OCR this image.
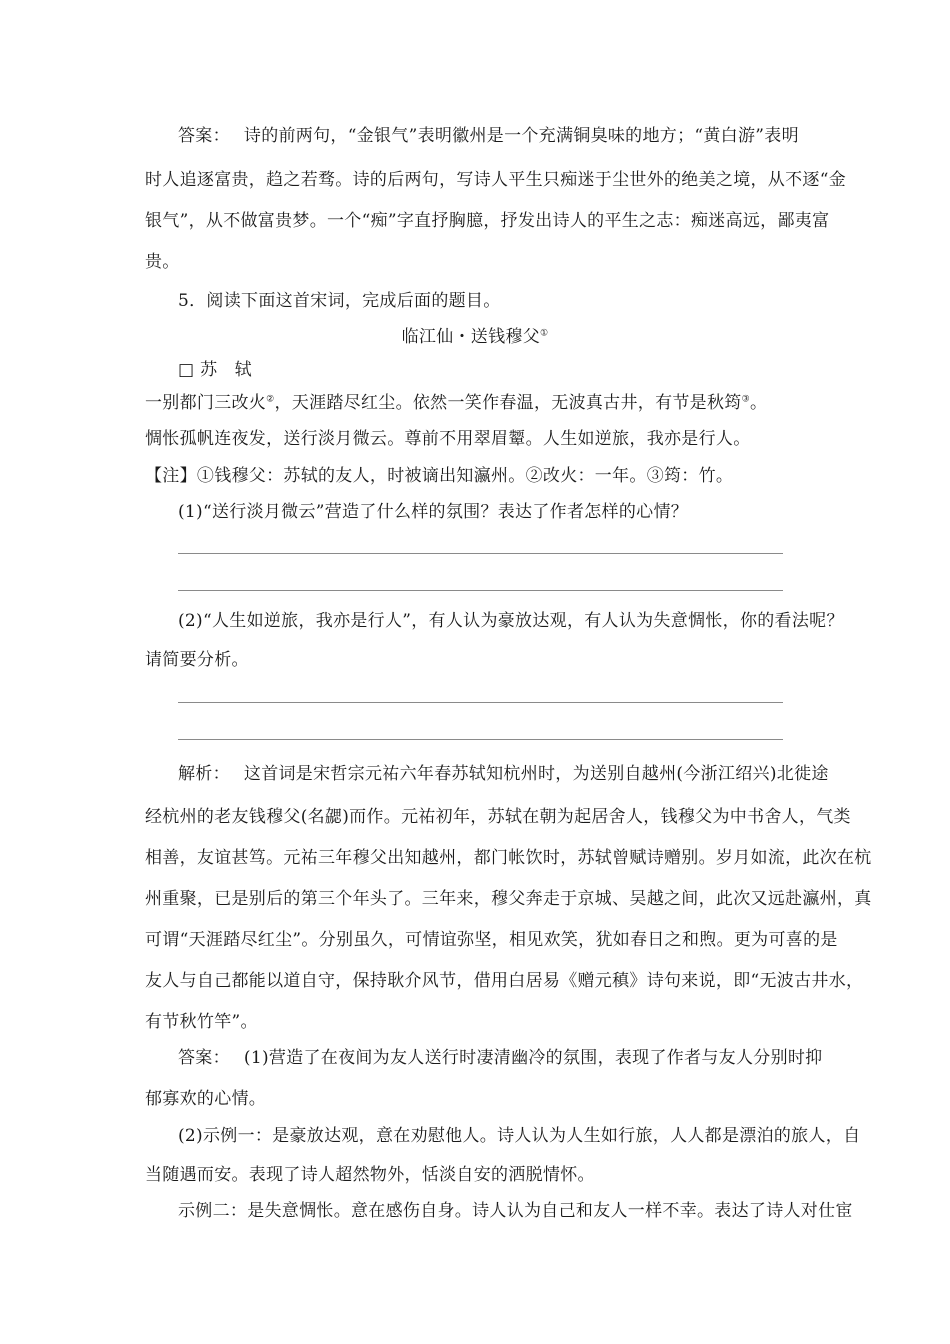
答案： 诗的前两句，“金银气”表明徽州是一个充满铜臭味的地方；“黄白游”表明
时人追逐富贵，趋之若骛。诗的后两句，写诗人平生只痴迷于尘世外的绝美之境，从不逐“金
银气”，从不做富贵梦。一个“痴”字直抒胸臆，抒发出诗人的平生之志：痴迷高远，鄙夷富
贵。
5．阅读下面这首宋词，完成后面的题目。
临江仙・送钱穆父①
□ 苏　轼
一别都门三改火②，天涯踏尽红尘。依然一笑作春温，无波真古井，有节是秋筠③。
惆怅孤帆连夜发，送行淡月微云。尊前不用翠眉颦。人生如逆旅，我亦是行人。
【注】①钱穆父：苏轼的友人，时被谪出知瀛州。②改火：一年。③筠：竹。
(1)“送行淡月微云”营造了什么样的氛围？表达了作者怎样的心情？
(2)“人生如逆旅，我亦是行人”，有人认为豪放达观，有人认为失意惆怅，你的看法呢？
请简要分析。
解析： 这首词是宋哲宗元祐六年春苏轼知杭州时，为送别自越州(今浙江绍兴)北徙途
经杭州的老友钱穆父(名勰)而作。元祐初年，苏轼在朝为起居舍人，钱穆父为中书舍人，气类
相善，友谊甚笃。元祐三年穆父出知越州，都门帐饮时，苏轼曾赋诗赠别。岁月如流，此次在杭
州重聚，已是别后的第三个年头了。三年来，穆父奔走于京城、吴越之间，此次又远赴瀛州，真
可谓“天涯踏尽红尘”。分别虽久，可情谊弥坚，相见欢笑，犹如春日之和煦。更为可喜的是
友人与自己都能以道自守，保持耿介风节，借用白居易《赠元稹》诗句来说，即“无波古井水，
有节秋竹竿”。
答案： (1)营造了在夜间为友人送行时凄清幽冷的氛围，表现了作者与友人分别时抑
郁寡欢的心情。
(2)示例一：是豪放达观，意在劝慰他人。诗人认为人生如行旅，人人都是漂泊的旅人，自
当随遇而安。表现了诗人超然物外，恬淡自安的洒脱情怀。
示例二：是失意惆怅。意在感伤自身。诗人认为自己和友人一样不幸。表达了诗人对仕宦
